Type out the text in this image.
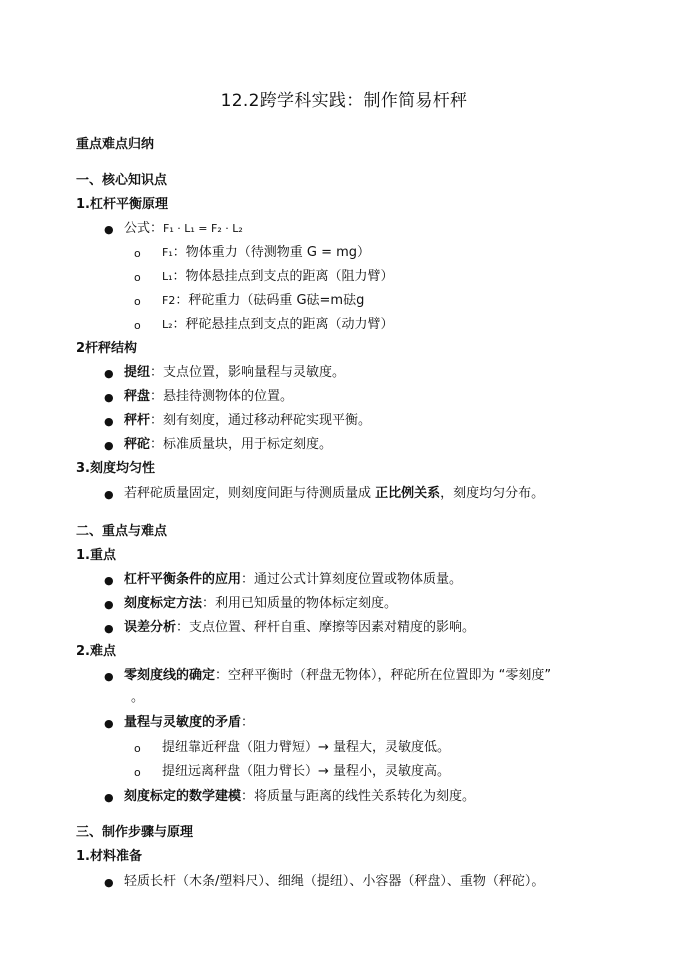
12.2跨学科实践：制作简易杆秤
重点难点归纳
一、核心知识点
1.杠杆平衡原理
● 公式：F₁ · L₁ = F₂ · L₂
o F₁：物体重力（待测物重 G = mg）
o L₁：物体悬挂点到支点的距离（阻力臂）
o F2：秤砣重力（砝码重 G砝=m砝g
o L₂：秤砣悬挂点到支点的距离（动力臂）
2杆秤结构
● 提纽：支点位置，影响量程与灵敏度。
● 秤盘：悬挂待测物体的位置。
● 秤杆：刻有刻度，通过移动秤砣实现平衡。
● 秤砣：标准质量块，用于标定刻度。
3.刻度均匀性
● 若秤砣质量固定，则刻度间距与待测质量成 正比例关系，刻度均匀分布。
二、重点与难点
1.重点
● 杠杆平衡条件的应用：通过公式计算刻度位置或物体质量。
● 刻度标定方法：利用已知质量的物体标定刻度。
● 误差分析：支点位置、秤杆自重、摩擦等因素对精度的影响。
2.难点
● 零刻度线的确定：空秤平衡时（秤盘无物体），秤砣所在位置即为 “零刻度”
。
● 量程与灵敏度的矛盾：
o 提纽靠近秤盘（阻力臂短）→ 量程大，灵敏度低。
o 提纽远离秤盘（阻力臂长）→ 量程小，灵敏度高。
● 刻度标定的数学建模：将质量与距离的线性关系转化为刻度。
三、制作步骤与原理
1.材料准备
● 轻质长杆（木条/塑料尺）、细绳（提纽）、小容器（秤盘）、重物（秤砣）。
